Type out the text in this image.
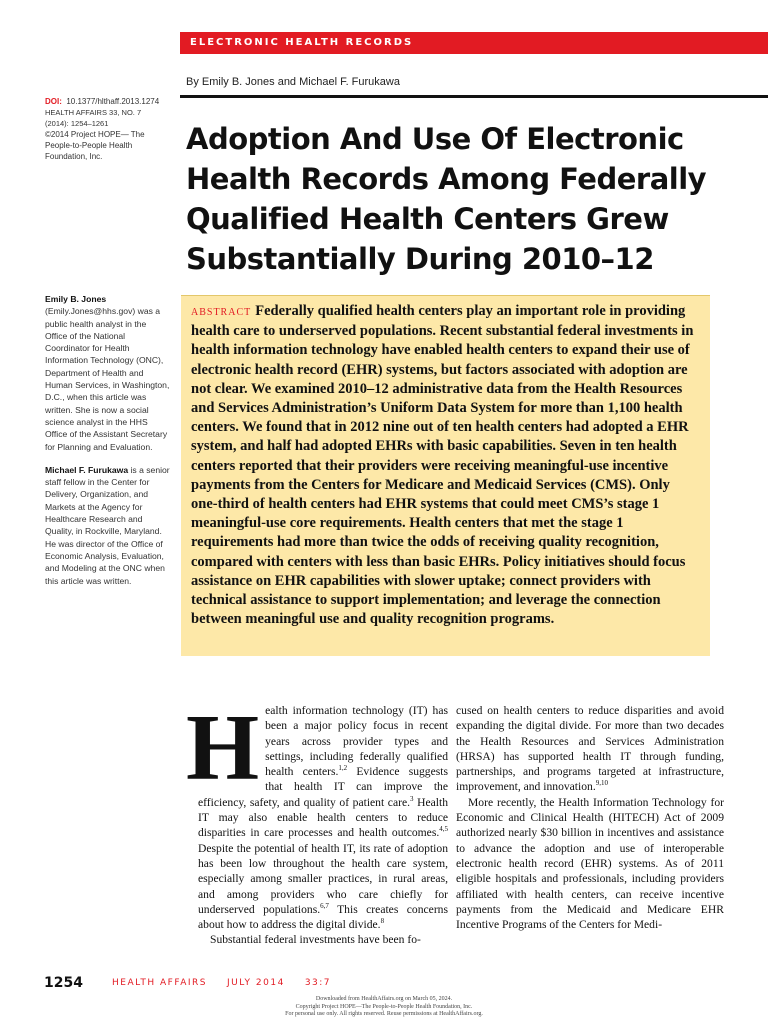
ELECTRONIC HEALTH RECORDS
By Emily B. Jones and Michael F. Furukawa
DOI: 10.1377/hlthaff.2013.1274
HEALTH AFFAIRS 33, NO. 7 (2014): 1254–1261
©2014 Project HOPE— The People-to-People Health Foundation, Inc.
Adoption And Use Of Electronic Health Records Among Federally Qualified Health Centers Grew Substantially During 2010–12

Emily B. Jones (Emily.Jones@hhs.gov) was a public health analyst in the Office of the National Coordinator for Health Information Technology (ONC), Department of Health and Human Services, in Washington, D.C., when this article was written. She is now a social science analyst in the HHS Office of the Assistant Secretary for Planning and Evaluation.

Michael F. Furukawa is a senior staff fellow in the Center for Delivery, Organization, and Markets at the Agency for Healthcare Research and Quality, in Rockville, Maryland. He was director of the Office of Economic Analysis, Evaluation, and Modeling at the ONC when this article was written.

ABSTRACT Federally qualified health centers play an important role in providing health care to underserved populations. Recent substantial federal investments in health information technology have enabled health centers to expand their use of electronic health record (EHR) systems, but factors associated with adoption are not clear. We examined 2010–12 administrative data from the Health Resources and Services Administration’s Uniform Data System for more than 1,100 health centers. We found that in 2012 nine out of ten health centers had adopted a EHR system, and half had adopted EHRs with basic capabilities. Seven in ten health centers reported that their providers were receiving meaningful-use incentive payments from the Centers for Medicare and Medicaid Services (CMS). Only one-third of health centers had EHR systems that could meet CMS’s stage 1 meaningful-use core requirements. Health centers that met the stage 1 requirements had more than twice the odds of receiving quality recognition, compared with centers with less than basic EHRs. Policy initiatives should focus assistance on EHR capabilities with slower uptake; connect providers with technical assistance to support implementation; and leverage the connection between meaningful use and quality recognition programs.

Health information technology (IT) has been a major policy focus in recent years across provider types and settings, including federally qualified health centers.$^{1,2}$ Evidence suggests that health IT can improve the efficiency, safety, and quality of patient care.$^3$ Health IT may also enable health centers to reduce disparities in care processes and health outcomes.$^{4,5}$ Despite the potential of health IT, its rate of adoption has been low throughout the health care system, especially among smaller practices, in rural areas, and among providers who care chiefly for underserved populations.$^{6,7}$ This creates concerns about how to address the digital divide.$^8$

Substantial federal investments have been fo-

cused on health centers to reduce disparities and avoid expanding the digital divide. For more than two decades the Health Resources and Services Administration (HRSA) has supported health IT through funding, partnerships, and programs targeted at infrastructure, improvement, and innovation.$^{9,10}$

More recently, the Health Information Technology for Economic and Clinical Health (HITECH) Act of 2009 authorized nearly $30 billion in incentives and assistance to advance the adoption and use of interoperable electronic health record (EHR) systems. As of 2011 eligible hospitals and professionals, including providers affiliated with health centers, can receive incentive payments from the Medicaid and Medicare EHR Incentive Programs of the Centers for Medi-

1254	HEALTH AFFAIRS JULY 2014 33:7
Downloaded from HealthAffairs.org on March 05, 2024.
Copyright Project HOPE—The People-to-People Health Foundation, Inc.
For personal use only. All rights reserved. Reuse permissions at HealthAffairs.org.
